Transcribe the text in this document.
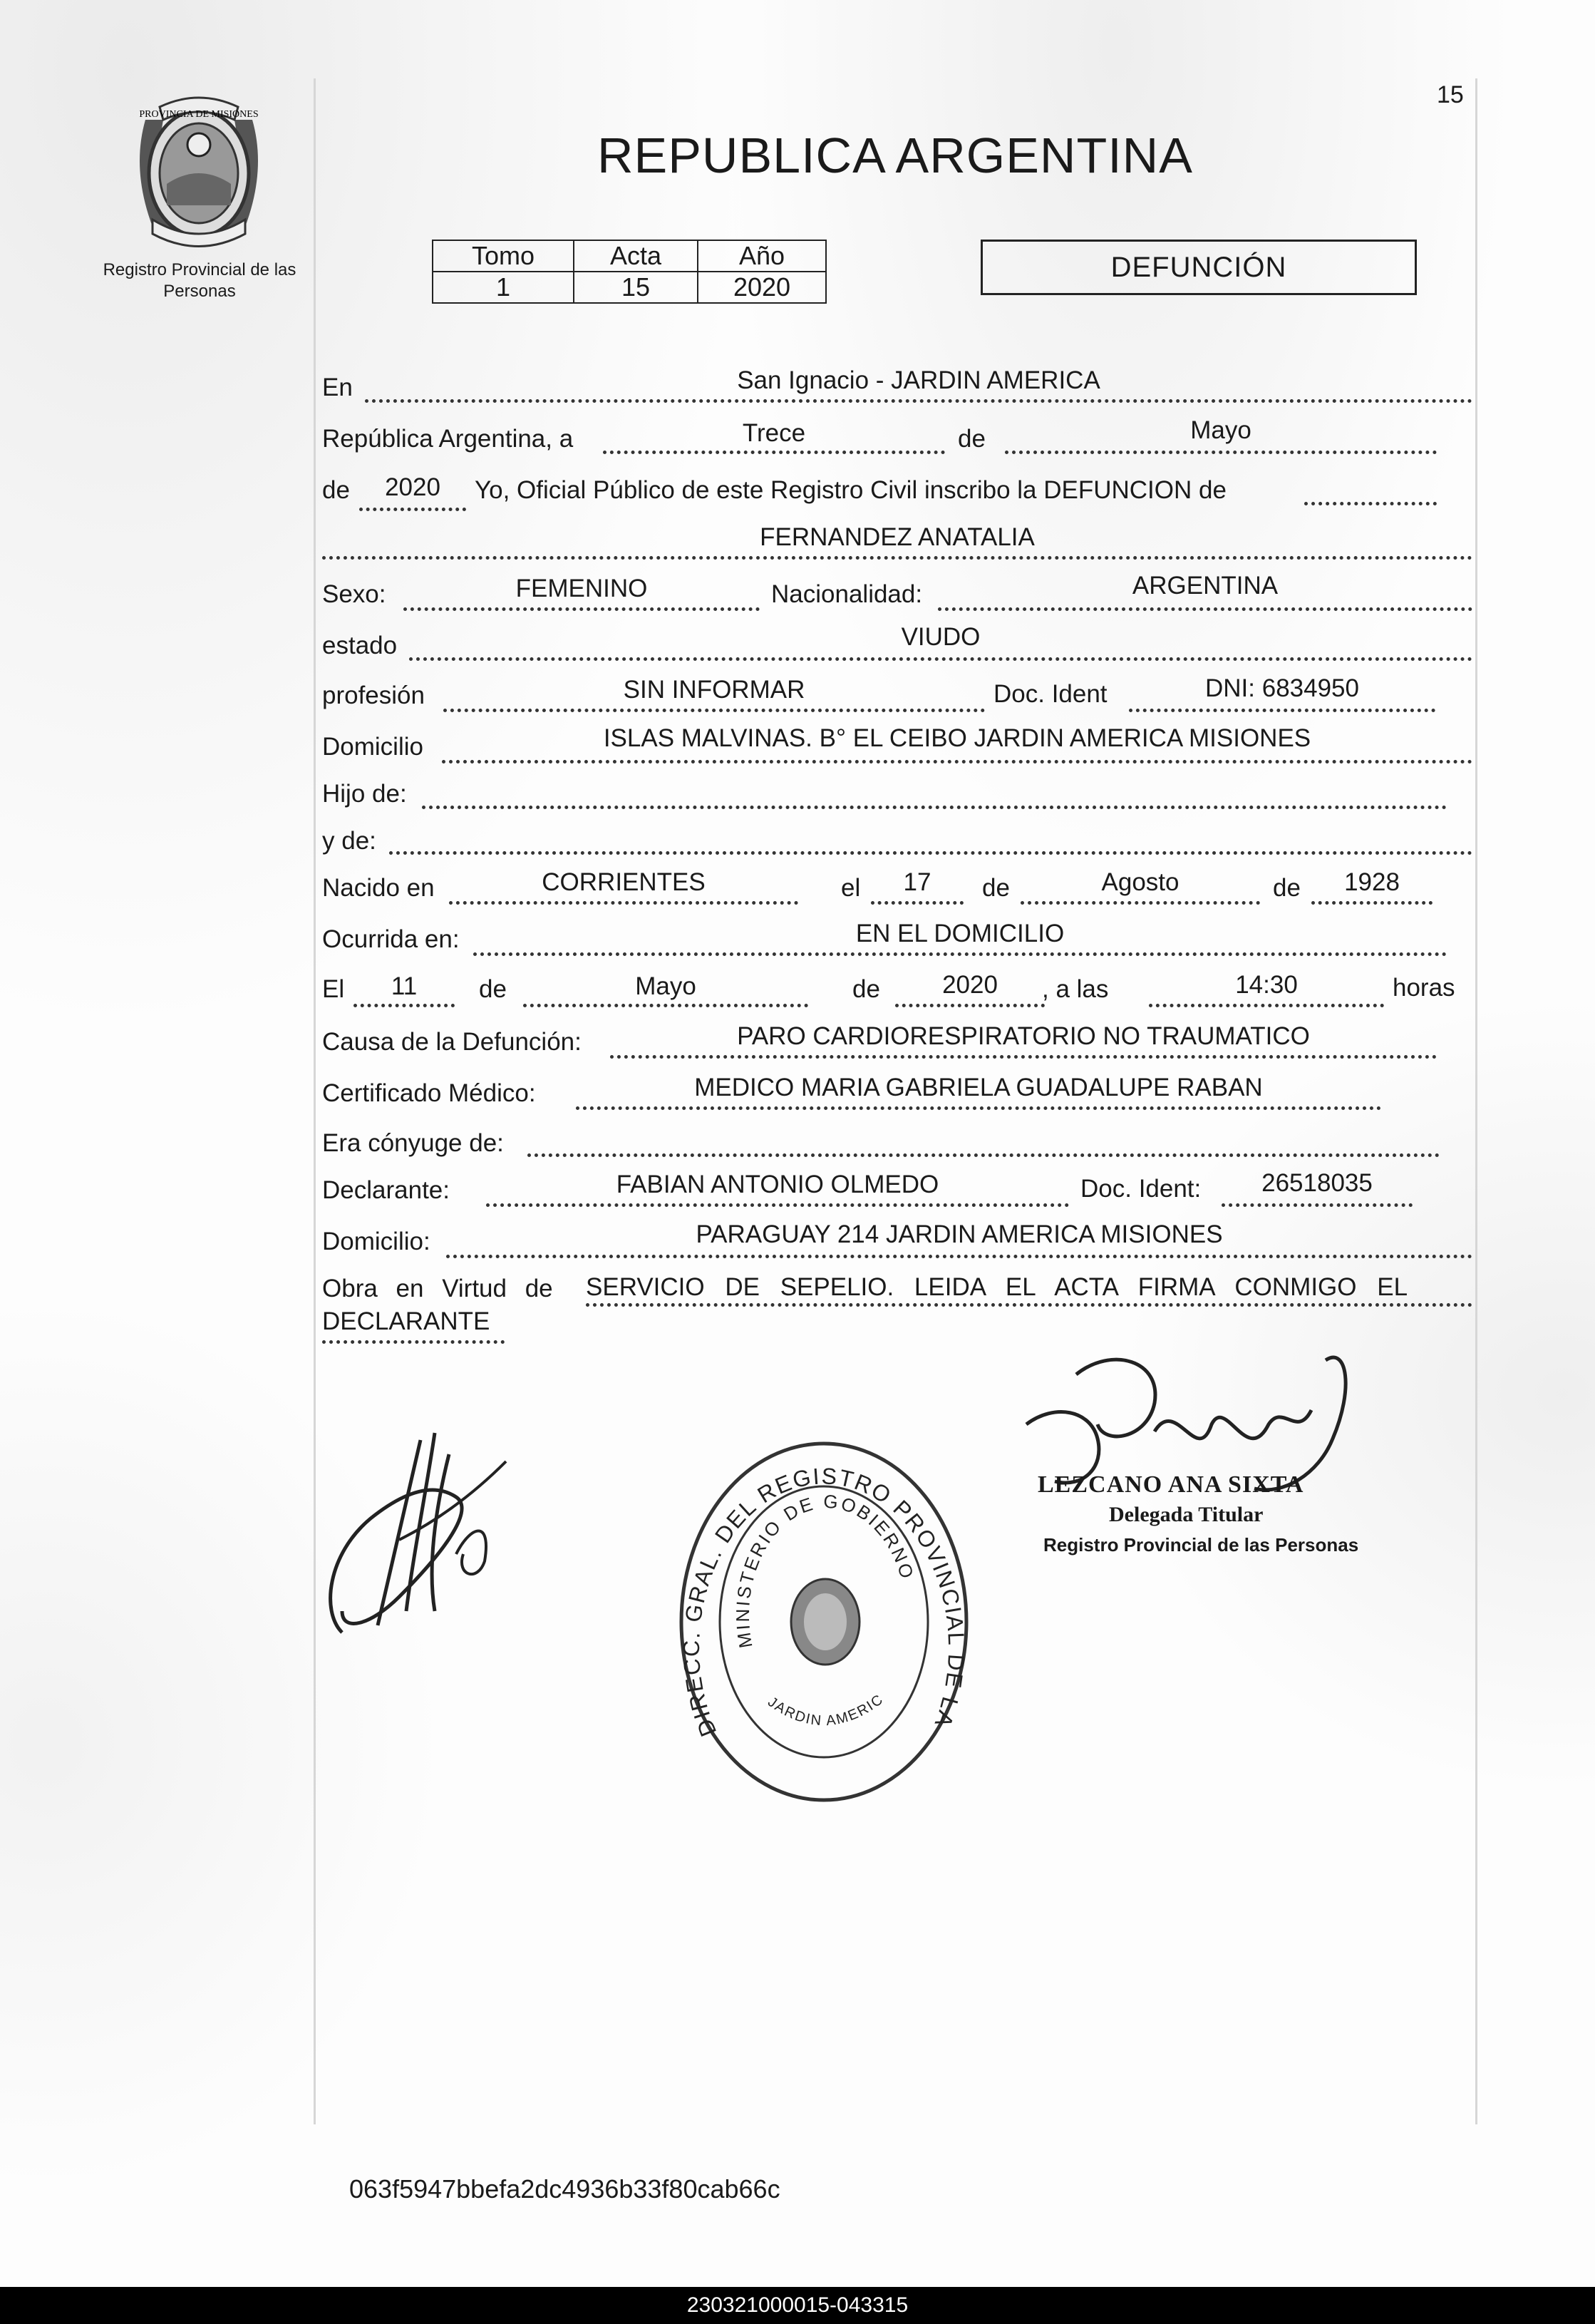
15
PROVINCIA DE MISIONES
Registro Provincial de las Personas
REPUBLICA ARGENTINA
Tomo	Acta	Año
1	15	2020
DEFUNCIÓN
En	San Ignacio - JARDIN AMERICA
República Argentina, a	Trece	de	Mayo
de	2020	Yo, Oficial Público de este Registro Civil inscribo la DEFUNCION de
FERNANDEZ ANATALIA
Sexo:	FEMENINO	Nacionalidad:	ARGENTINA
estado	VIUDO
profesión	SIN INFORMAR	Doc. Ident	DNI: 6834950
Domicilio	ISLAS MALVINAS. B° EL CEIBO JARDIN AMERICA MISIONES
Hijo de:
y de:
Nacido en	CORRIENTES	el	17	de	Agosto	de	1928
Ocurrida en:	EN EL DOMICILIO
El	11	de	Mayo	de	2020	, a las	14:30	horas
Causa de la Defunción:	PARO CARDIORESPIRATORIO NO TRAUMATICO
Certificado Médico:	MEDICO MARIA GABRIELA GUADALUPE RABAN
Era cónyuge de:
Declarante:	FABIAN ANTONIO OLMEDO	Doc. Ident:	26518035
Domicilio:	PARAGUAY 214 JARDIN AMERICA MISIONES
Obra en Virtud de SERVICIO DE SEPELIO. LEIDA EL ACTA FIRMA CONMIGO EL
DECLARANTE
DIRECC. GRAL. DEL REGISTRO PROVINCIAL DE LA
MINISTERIO DE GOBIERNO
JARDIN AMERIC
LEZCANO ANA SIXTA
Delegada Titular
Registro Provincial de las Personas
063f5947bbefa2dc4936b33f80cab66c
230321000015-043315
